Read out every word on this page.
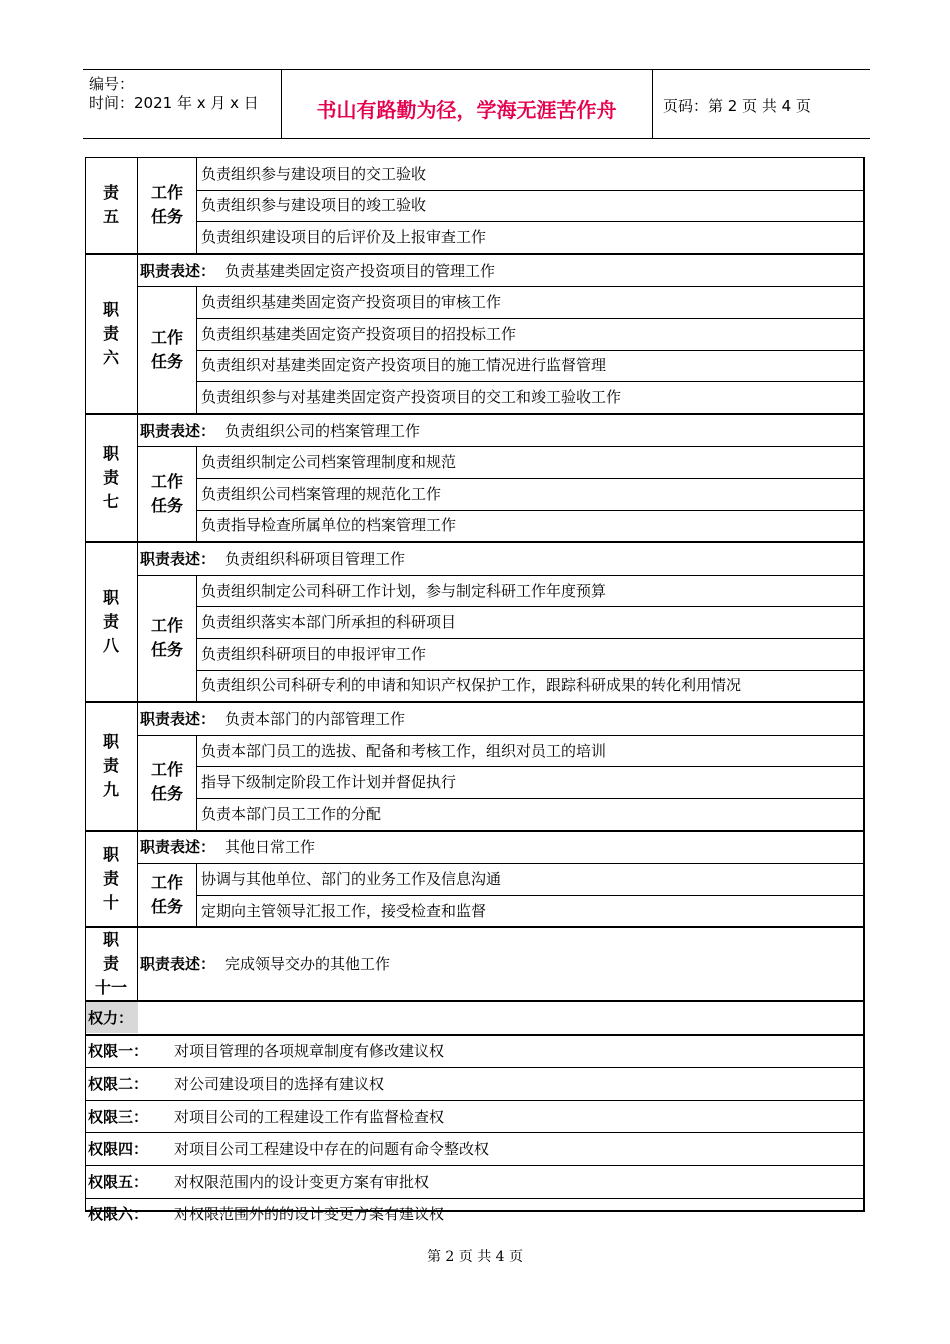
编号：
时间：2021 年 x 月 x 日	书山有路勤为径，学海无涯苦作舟	页码：第 2 页 共 4 页
责
五
工作
任务
负责组织参与建设项目的交工验收
负责组织参与建设项目的竣工验收
负责组织建设项目的后评价及上报审查工作
职
责
六
职责表述： 负责基建类固定资产投资项目的管理工作
工作
任务
负责组织基建类固定资产投资项目的审核工作
负责组织基建类固定资产投资项目的招投标工作
负责组织对基建类固定资产投资项目的施工情况进行监督管理
负责组织参与对基建类固定资产投资项目的交工和竣工验收工作
职
责
七
职责表述： 负责组织公司的档案管理工作
工作
任务
负责组织制定公司档案管理制度和规范
负责组织公司档案管理的规范化工作
负责指导检查所属单位的档案管理工作
职
责
八
职责表述： 负责组织科研项目管理工作
工作
任务
负责组织制定公司科研工作计划，参与制定科研工作年度预算
负责组织落实本部门所承担的科研项目
负责组织科研项目的申报评审工作
负责组织公司科研专利的申请和知识产权保护工作，跟踪科研成果的转化利用情况
职
责
九
职责表述： 负责本部门的内部管理工作
工作
任务
负责本部门员工的选拔、配备和考核工作，组织对员工的培训
指导下级制定阶段工作计划并督促执行
负责本部门员工工作的分配
职
责
十
职责表述： 其他日常工作
工作
任务
协调与其他单位、部门的业务工作及信息沟通
定期向主管领导汇报工作，接受检查和监督
职
责
十一
职责表述： 完成领导交办的其他工作
权力：
权限一： 对项目管理的各项规章制度有修改建议权
权限二： 对公司建设项目的选择有建议权
权限三： 对项目公司的工程建设工作有监督检查权
权限四： 对项目公司工程建设中存在的问题有命令整改权
权限五： 对权限范围内的设计变更方案有审批权
权限六： 对权限范围外的的设计变更方案有建议权
第 2 页 共 4 页
